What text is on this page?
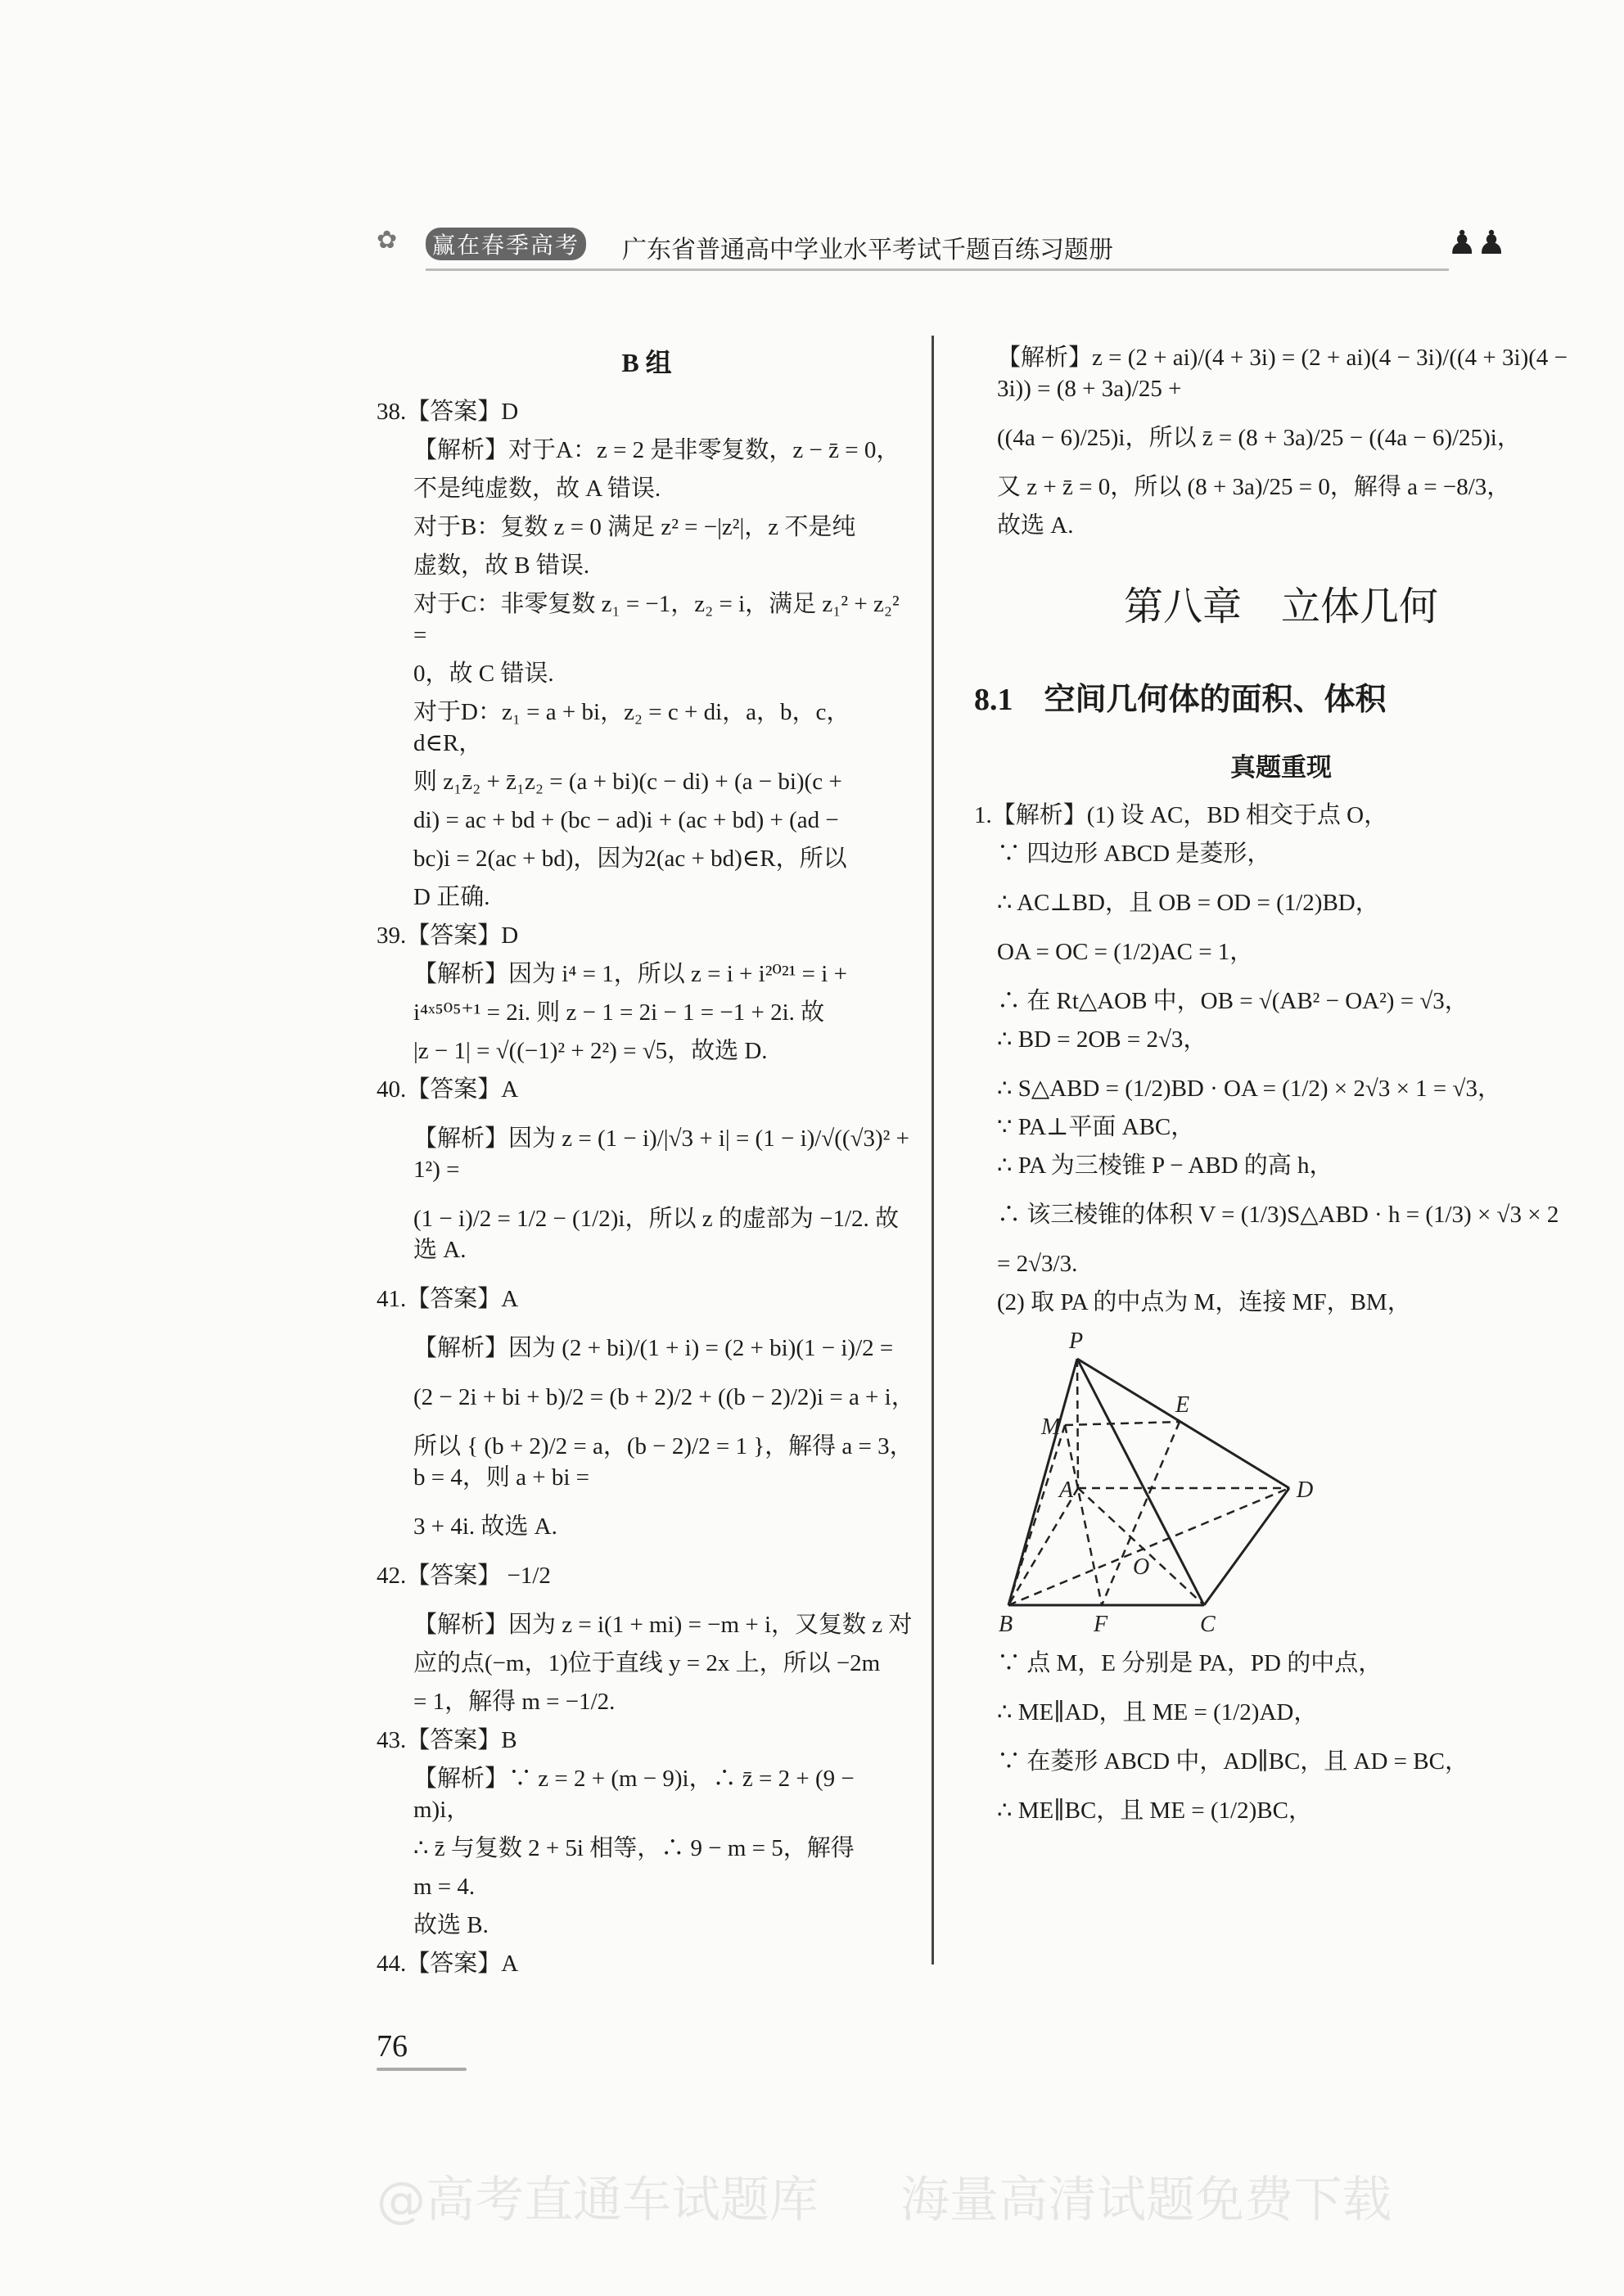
✿ 赢在春季高考 广东省普通高中学业水平考试千题百练习题册	♟♟
@高考直通车试题库 海量高清试题免费下载
B 组
38.【答案】D
【解析】对于A：z = 2 是非零复数，z − z̄ = 0，
不是纯虚数，故 A 错误.
对于B：复数 z = 0 满足 z² = −|z²|，z 不是纯
虚数，故 B 错误.
对于C：非零复数 z₁ = −1，z₂ = i，满足 z₁² + z₂² =
0，故 C 错误.
对于D：z₁ = a + bi，z₂ = c + di，a，b，c，d∈R，
则 z₁z̄₂ + z̄₁z₂ = (a + bi)(c − di) + (a − bi)(c +
di) = ac + bd + (bc − ad)i + (ac + bd) + (ad −
bc)i = 2(ac + bd)，因为2(ac + bd)∈R，所以
D 正确.
39.【答案】D
【解析】因为 i⁴ = 1，所以 z = i + i²⁰²¹ = i +
i⁴ˣ⁵⁰⁵⁺¹ = 2i. 则 z − 1 = 2i − 1 = −1 + 2i. 故
|z − 1| = √((−1)² + 2²) = √5，故选 D.
40.【答案】A
【解析】因为 z = (1 − i)/|√3 + i| = (1 − i)/√((√3)² + 1²) =
(1 − i)/2 = 1/2 − (1/2)i，所以 z 的虚部为 −1/2. 故选 A.
41.【答案】A
【解析】因为 (2 + bi)/(1 + i) = (2 + bi)(1 − i)/2 =
(2 − 2i + bi + b)/2 = (b + 2)/2 + ((b − 2)/2)i = a + i，
所以 { (b + 2)/2 = a，(b − 2)/2 = 1 }，解得 a = 3，b = 4，则 a + bi =
3 + 4i. 故选 A.
42.【答案】 −1/2
【解析】因为 z = i(1 + mi) = −m + i，又复数 z 对
应的点(−m，1)位于直线 y = 2x 上，所以 −2m
= 1，解得 m = −1/2.
43.【答案】B
【解析】∵ z = 2 + (m − 9)i，∴ z̄ = 2 + (9 − m)i，
∴ z̄ 与复数 2 + 5i 相等，∴ 9 − m = 5，解得
m = 4.
故选 B.
44.【答案】A
76
【解析】z = (2 + ai)/(4 + 3i) = (2 + ai)(4 − 3i)/((4 + 3i)(4 − 3i)) = (8 + 3a)/25 +
((4a − 6)/25)i，所以 z̄ = (8 + 3a)/25 − ((4a − 6)/25)i，
又 z + z̄ = 0，所以 (8 + 3a)/25 = 0，解得 a = −8/3，
故选 A.
第八章　立体几何
8.1　空间几何体的面积、体积
真题重现
1.【解析】(1) 设 AC，BD 相交于点 O，
∵ 四边形 ABCD 是菱形，
∴ AC⊥BD，且 OB = OD = (1/2)BD，
OA = OC = (1/2)AC = 1，
∴ 在 Rt△AOB 中，OB = √(AB² − OA²) = √3，
∴ BD = 2OB = 2√3，
∴ S△ABD = (1/2)BD · OA = (1/2) × 2√3 × 1 = √3，
∵ PA⊥平面 ABC，
∴ PA 为三棱锥 P − ABD 的高 h，
∴ 该三棱锥的体积 V = (1/3)S△ABD · h = (1/3) × √3 × 2
= 2√3/3.
(2) 取 PA 的中点为 M，连接 MF，BM，
P
M
E
A	D
O
B	F	C
∵ 点 M，E 分别是 PA，PD 的中点，
∴ ME∥AD，且 ME = (1/2)AD，
∵ 在菱形 ABCD 中，AD∥BC，且 AD = BC，
∴ ME∥BC，且 ME = (1/2)BC，
